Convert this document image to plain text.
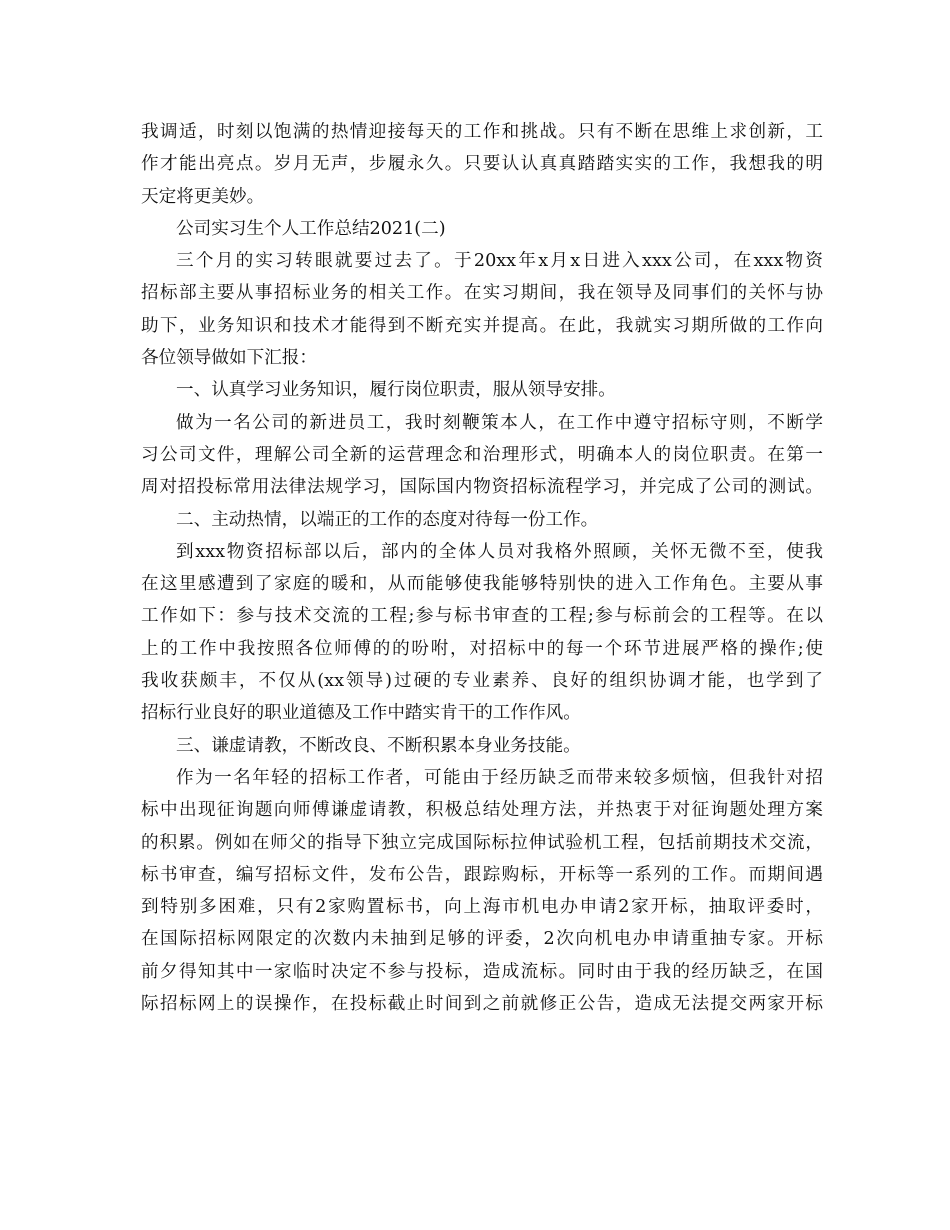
我调适，时刻以饱满的热情迎接每天的工作和挑战。只有不断在思维上求创新，工
作才能出亮点。岁月无声，步履永久。只要认认真真踏踏实实的工作，我想我的明
天定将更美妙。
公司实习生个人工作总结2021(二)
三个月的实习转眼就要过去了。于20xx年x月x日进入xxx公司，在xxx物资
招标部主要从事招标业务的相关工作。在实习期间，我在领导及同事们的关怀与协
助下，业务知识和技术才能得到不断充实并提高。在此，我就实习期所做的工作向
各位领导做如下汇报：
一、认真学习业务知识，履行岗位职责，服从领导安排。
做为一名公司的新进员工，我时刻鞭策本人，在工作中遵守招标守则，不断学
习公司文件，理解公司全新的运营理念和治理形式，明确本人的岗位职责。在第一
周对招投标常用法律法规学习，国际国内物资招标流程学习，并完成了公司的测试。
二、主动热情，以端正的工作的态度对待每一份工作。
到xxx物资招标部以后，部内的全体人员对我格外照顾，关怀无微不至，使我
在这里感遭到了家庭的暖和，从而能够使我能够特别快的进入工作角色。主要从事
工作如下：参与技术交流的工程;参与标书审查的工程;参与标前会的工程等。在以
上的工作中我按照各位师傅的的吩咐，对招标中的每一个环节进展严格的操作;使
我收获颇丰，不仅从(xx领导)过硬的专业素养、良好的组织协调才能，也学到了
招标行业良好的职业道德及工作中踏实肯干的工作作风。
三、谦虚请教，不断改良、不断积累本身业务技能。
作为一名年轻的招标工作者，可能由于经历缺乏而带来较多烦恼，但我针对招
标中出现征询题向师傅谦虚请教，积极总结处理方法，并热衷于对征询题处理方案
的积累。例如在师父的指导下独立完成国际标拉伸试验机工程，包括前期技术交流，
标书审查，编写招标文件，发布公告，跟踪购标，开标等一系列的工作。而期间遇
到特别多困难，只有2家购置标书，向上海市机电办申请2家开标，抽取评委时，
在国际招标网限定的次数内未抽到足够的评委，2次向机电办申请重抽专家。开标
前夕得知其中一家临时决定不参与投标，造成流标。同时由于我的经历缺乏，在国
际招标网上的误操作，在投标截止时间到之前就修正公告，造成无法提交两家开标
